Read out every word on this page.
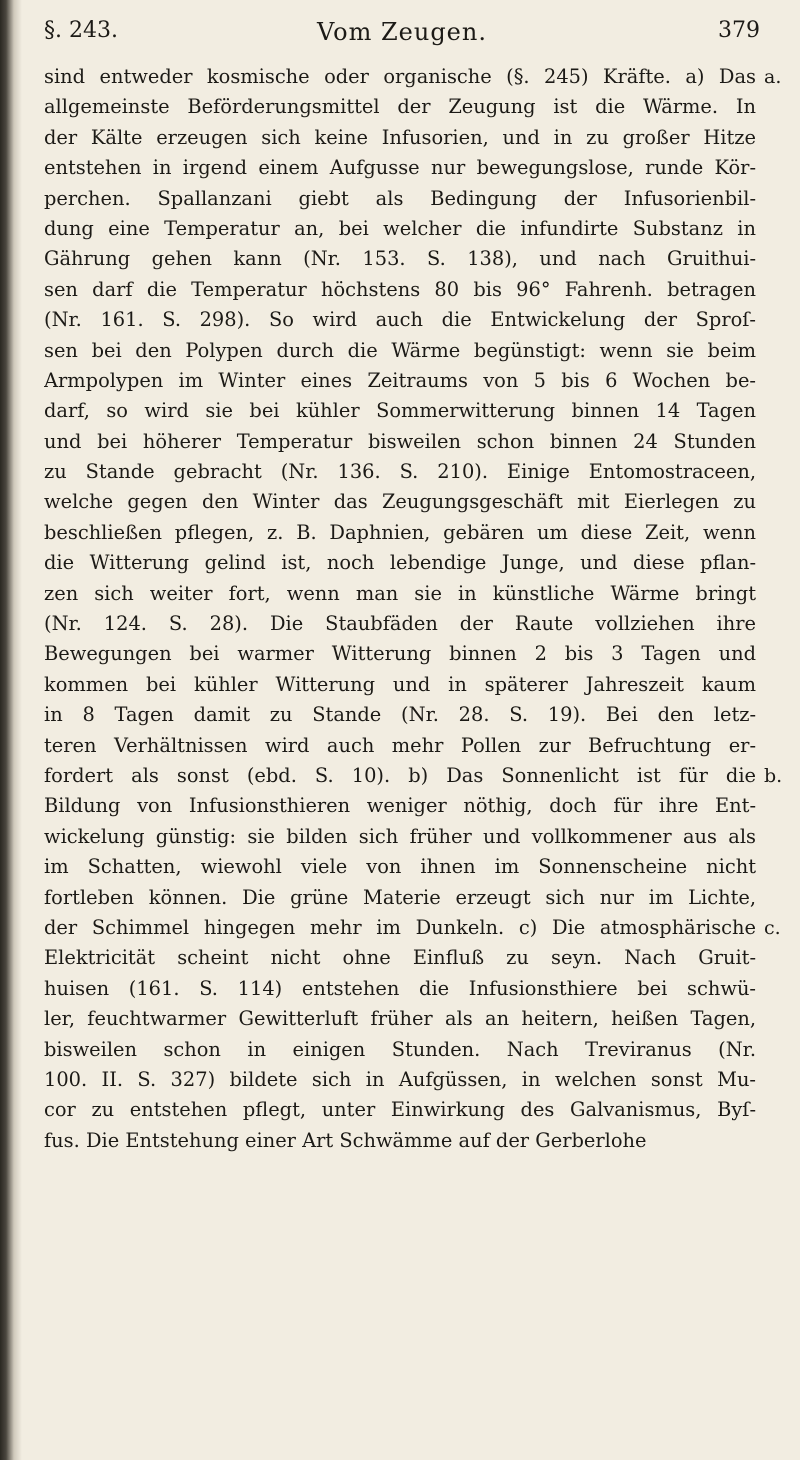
§. 243.	Vom Zeugen.	379
sind entweder kosmische oder organische (§. 245) Kräfte. a) Das
allgemeinste Beförderungsmittel der Zeugung ist die Wärme. In
der Kälte erzeugen sich keine Infusorien, und in zu großer Hitze
entstehen in irgend einem Aufgusse nur bewegungslose, runde Kör-
perchen. Spallanzani giebt als Bedingung der Infusorienbil-
dung eine Temperatur an, bei welcher die infundirte Substanz in
Gährung gehen kann (Nr. 153. S. 138), und nach Gruithui-
sen darf die Temperatur höchstens 80 bis 96° Fahrenh. betragen
(Nr. 161. S. 298). So wird auch die Entwickelung der Sproſ-
sen bei den Polypen durch die Wärme begünstigt: wenn sie beim
Armpolypen im Winter eines Zeitraums von 5 bis 6 Wochen be-
darf, so wird sie bei kühler Sommerwitterung binnen 14 Tagen
und bei höherer Temperatur bisweilen schon binnen 24 Stunden
zu Stande gebracht (Nr. 136. S. 210). Einige Entomostraceen,
welche gegen den Winter das Zeugungsgeschäft mit Eierlegen zu
beschließen pflegen, z. B. Daphnien, gebären um diese Zeit, wenn
die Witterung gelind ist, noch lebendige Junge, und diese pflan-
zen sich weiter fort, wenn man sie in künstliche Wärme bringt
(Nr. 124. S. 28). Die Staubfäden der Raute vollziehen ihre
Bewegungen bei warmer Witterung binnen 2 bis 3 Tagen und
kommen bei kühler Witterung und in späterer Jahreszeit kaum
in 8 Tagen damit zu Stande (Nr. 28. S. 19). Bei den letz-
teren Verhältnissen wird auch mehr Pollen zur Befruchtung er-
fordert als sonst (ebd. S. 10). b) Das Sonnenlicht ist für die
Bildung von Infusionsthieren weniger nöthig, doch für ihre Ent-
wickelung günstig: sie bilden sich früher und vollkommener aus als
im Schatten, wiewohl viele von ihnen im Sonnenscheine nicht
fortleben können. Die grüne Materie erzeugt sich nur im Lichte,
der Schimmel hingegen mehr im Dunkeln. c) Die atmosphärische
Elektricität scheint nicht ohne Einfluß zu seyn. Nach Gruit-
huisen (161. S. 114) entstehen die Infusionsthiere bei schwü-
ler, feuchtwarmer Gewitterluft früher als an heitern, heißen Tagen,
bisweilen schon in einigen Stunden. Nach Treviranus (Nr.
100. II. S. 327) bildete sich in Aufgüssen, in welchen sonst Mu-
cor zu entstehen pflegt, unter Einwirkung des Galvanismus, Byſ-
fus. Die Entstehung einer Art Schwämme auf der Gerberlohe
a.
b.
c.
